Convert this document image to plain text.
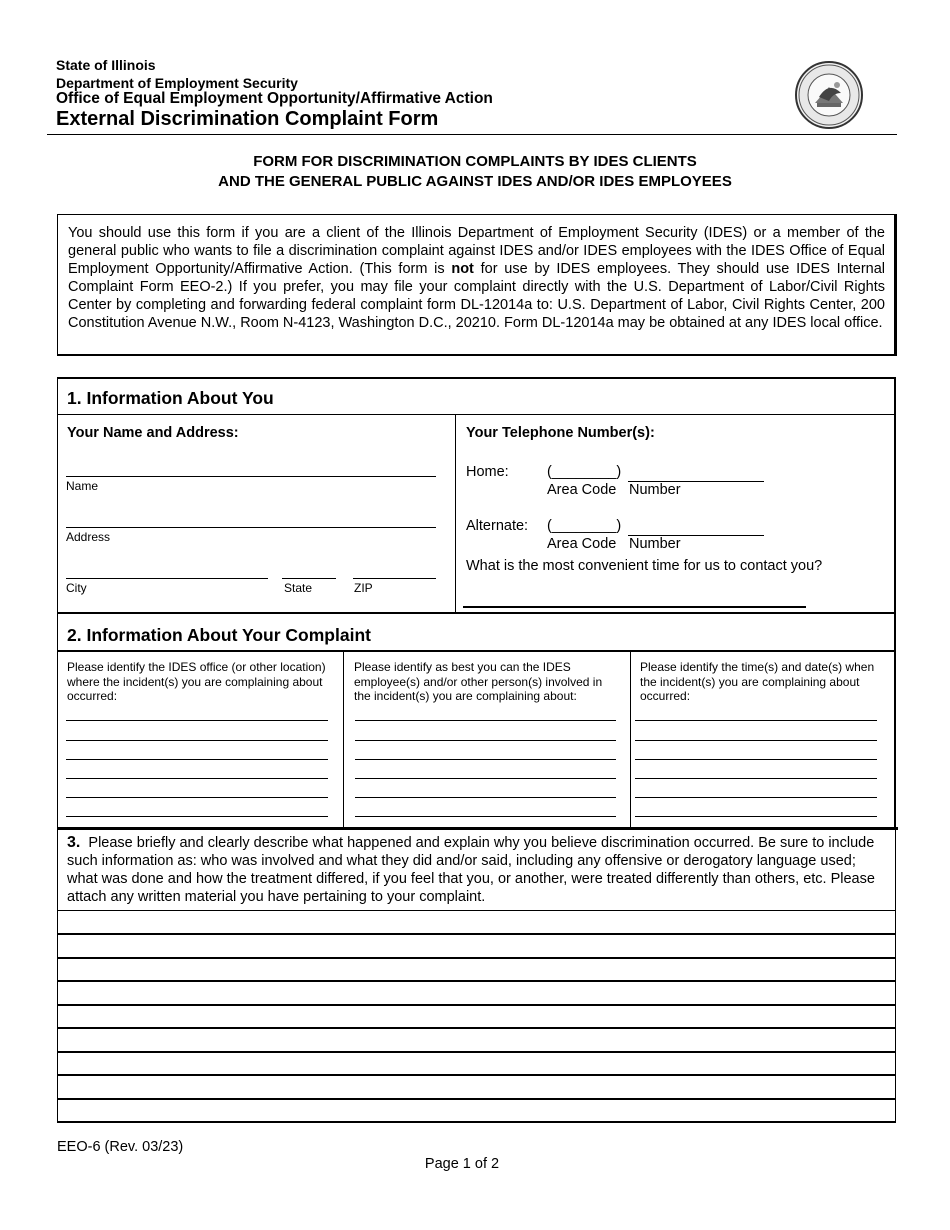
State of Illinois
Department of Employment Security
Office of Equal Employment Opportunity/Affirmative Action
External Discrimination Complaint Form
FORM FOR DISCRIMINATION COMPLAINTS BY IDES CLIENTS
AND THE GENERAL PUBLIC AGAINST IDES AND/OR IDES EMPLOYEES
You should use this form if you are a client of the Illinois Department of Employment Security (IDES) or a member of the general public who wants to file a discrimination complaint against IDES and/or IDES employees with the IDES Office of Equal Employment Opportunity/Affirmative Action. (This form is not for use by IDES employees. They should use IDES Internal Complaint Form EEO-2.) If you prefer, you may file your complaint directly with the U.S. Department of Labor/Civil Rights Center by completing and forwarding federal complaint form DL-12014a to: U.S. Department of Labor, Civil Rights Center, 200 Constitution Avenue N.W., Room N-4123, Washington D.C., 20210. Form DL-12014a may be obtained at any IDES local office.
1. Information About You
Your Name and Address:
Name
Address
City	State	ZIP
Your Telephone Number(s):
Home:	(________)
Area Code Number
Alternate: (________)
Area Code Number
What is the most convenient time for us to contact you?
2. Information About Your Complaint
Please identify the IDES office (or other location) where the incident(s) you are complaining about occurred:
Please identify as best you can the IDES employee(s) and/or other person(s) involved in the incident(s) you are complaining about:
Please identify the time(s) and date(s) when the incident(s) you are complaining about occurred:
3. Please briefly and clearly describe what happened and explain why you believe discrimination occurred. Be sure to include such information as: who was involved and what they did and/or said, including any offensive or derogatory language used; what was done and how the treatment differed, if you feel that you, or another, were treated differently than others, etc. Please attach any written material you have pertaining to your complaint.
EEO-6 (Rev. 03/23)
Page 1 of 2
